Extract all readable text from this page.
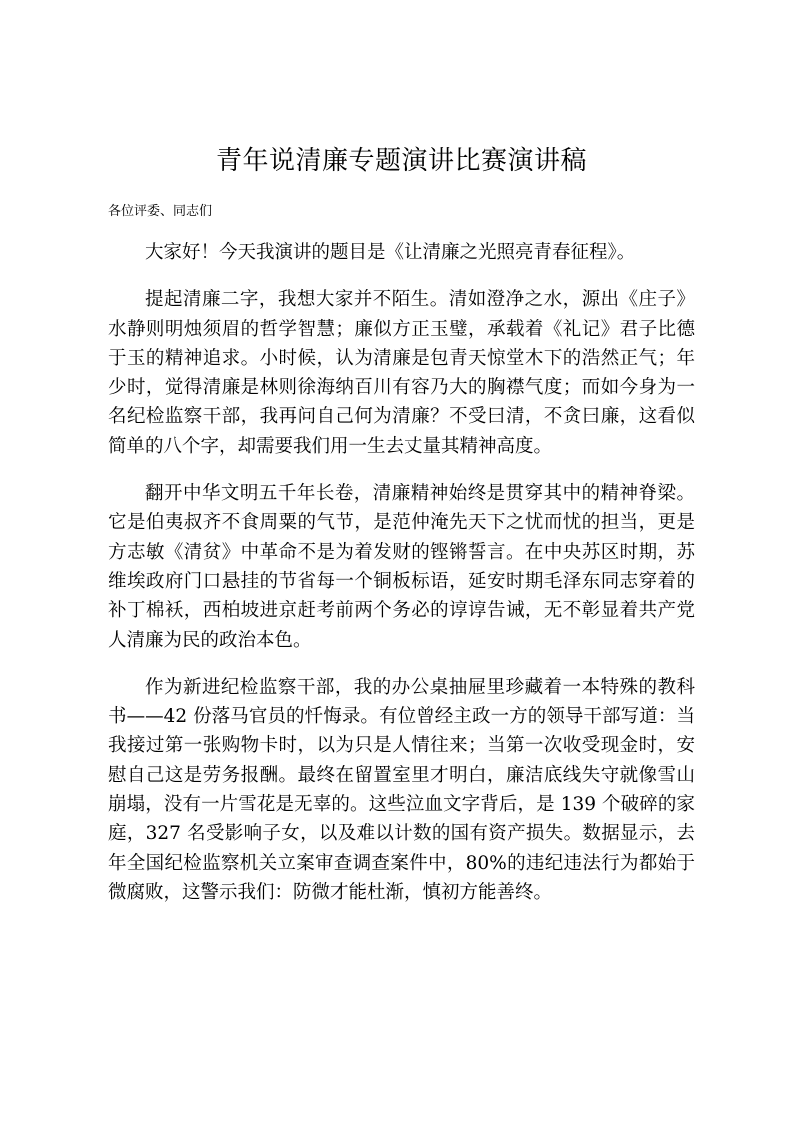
青年说清廉专题演讲比赛演讲稿
各位评委、同志们

大家好！今天我演讲的题目是《让清廉之光照亮青春征程》。

提起清廉二字，我想大家并不陌生。清如澄净之水，源出《庄子》水静则明烛须眉的哲学智慧；廉似方正玉璧，承载着《礼记》君子比德于玉的精神追求。小时候，认为清廉是包青天惊堂木下的浩然正气；年少时，觉得清廉是林则徐海纳百川有容乃大的胸襟气度；而如今身为一名纪检监察干部，我再问自己何为清廉？不受曰清，不贪曰廉，这看似简单的八个字，却需要我们用一生去丈量其精神高度。

翻开中华文明五千年长卷，清廉精神始终是贯穿其中的精神脊梁。它是伯夷叔齐不食周粟的气节，是范仲淹先天下之忧而忧的担当，更是方志敏《清贫》中革命不是为着发财的铿锵誓言。在中央苏区时期，苏维埃政府门口悬挂的节省每一个铜板标语，延安时期毛泽东同志穿着的补丁棉袄，西柏坡进京赶考前两个务必的谆谆告诫，无不彰显着共产党人清廉为民的政治本色。

作为新进纪检监察干部，我的办公桌抽屉里珍藏着一本特殊的教科书——42 份落马官员的忏悔录。有位曾经主政一方的领导干部写道：当我接过第一张购物卡时，以为只是人情往来；当第一次收受现金时，安慰自己这是劳务报酬。最终在留置室里才明白，廉洁底线失守就像雪山崩塌，没有一片雪花是无辜的。这些泣血文字背后，是 139 个破碎的家庭，327 名受影响子女，以及难以计数的国有资产损失。数据显示，去年全国纪检监察机关立案审查调查案件中，80%的违纪违法行为都始于微腐败，这警示我们：防微才能杜渐，慎初方能善终。
